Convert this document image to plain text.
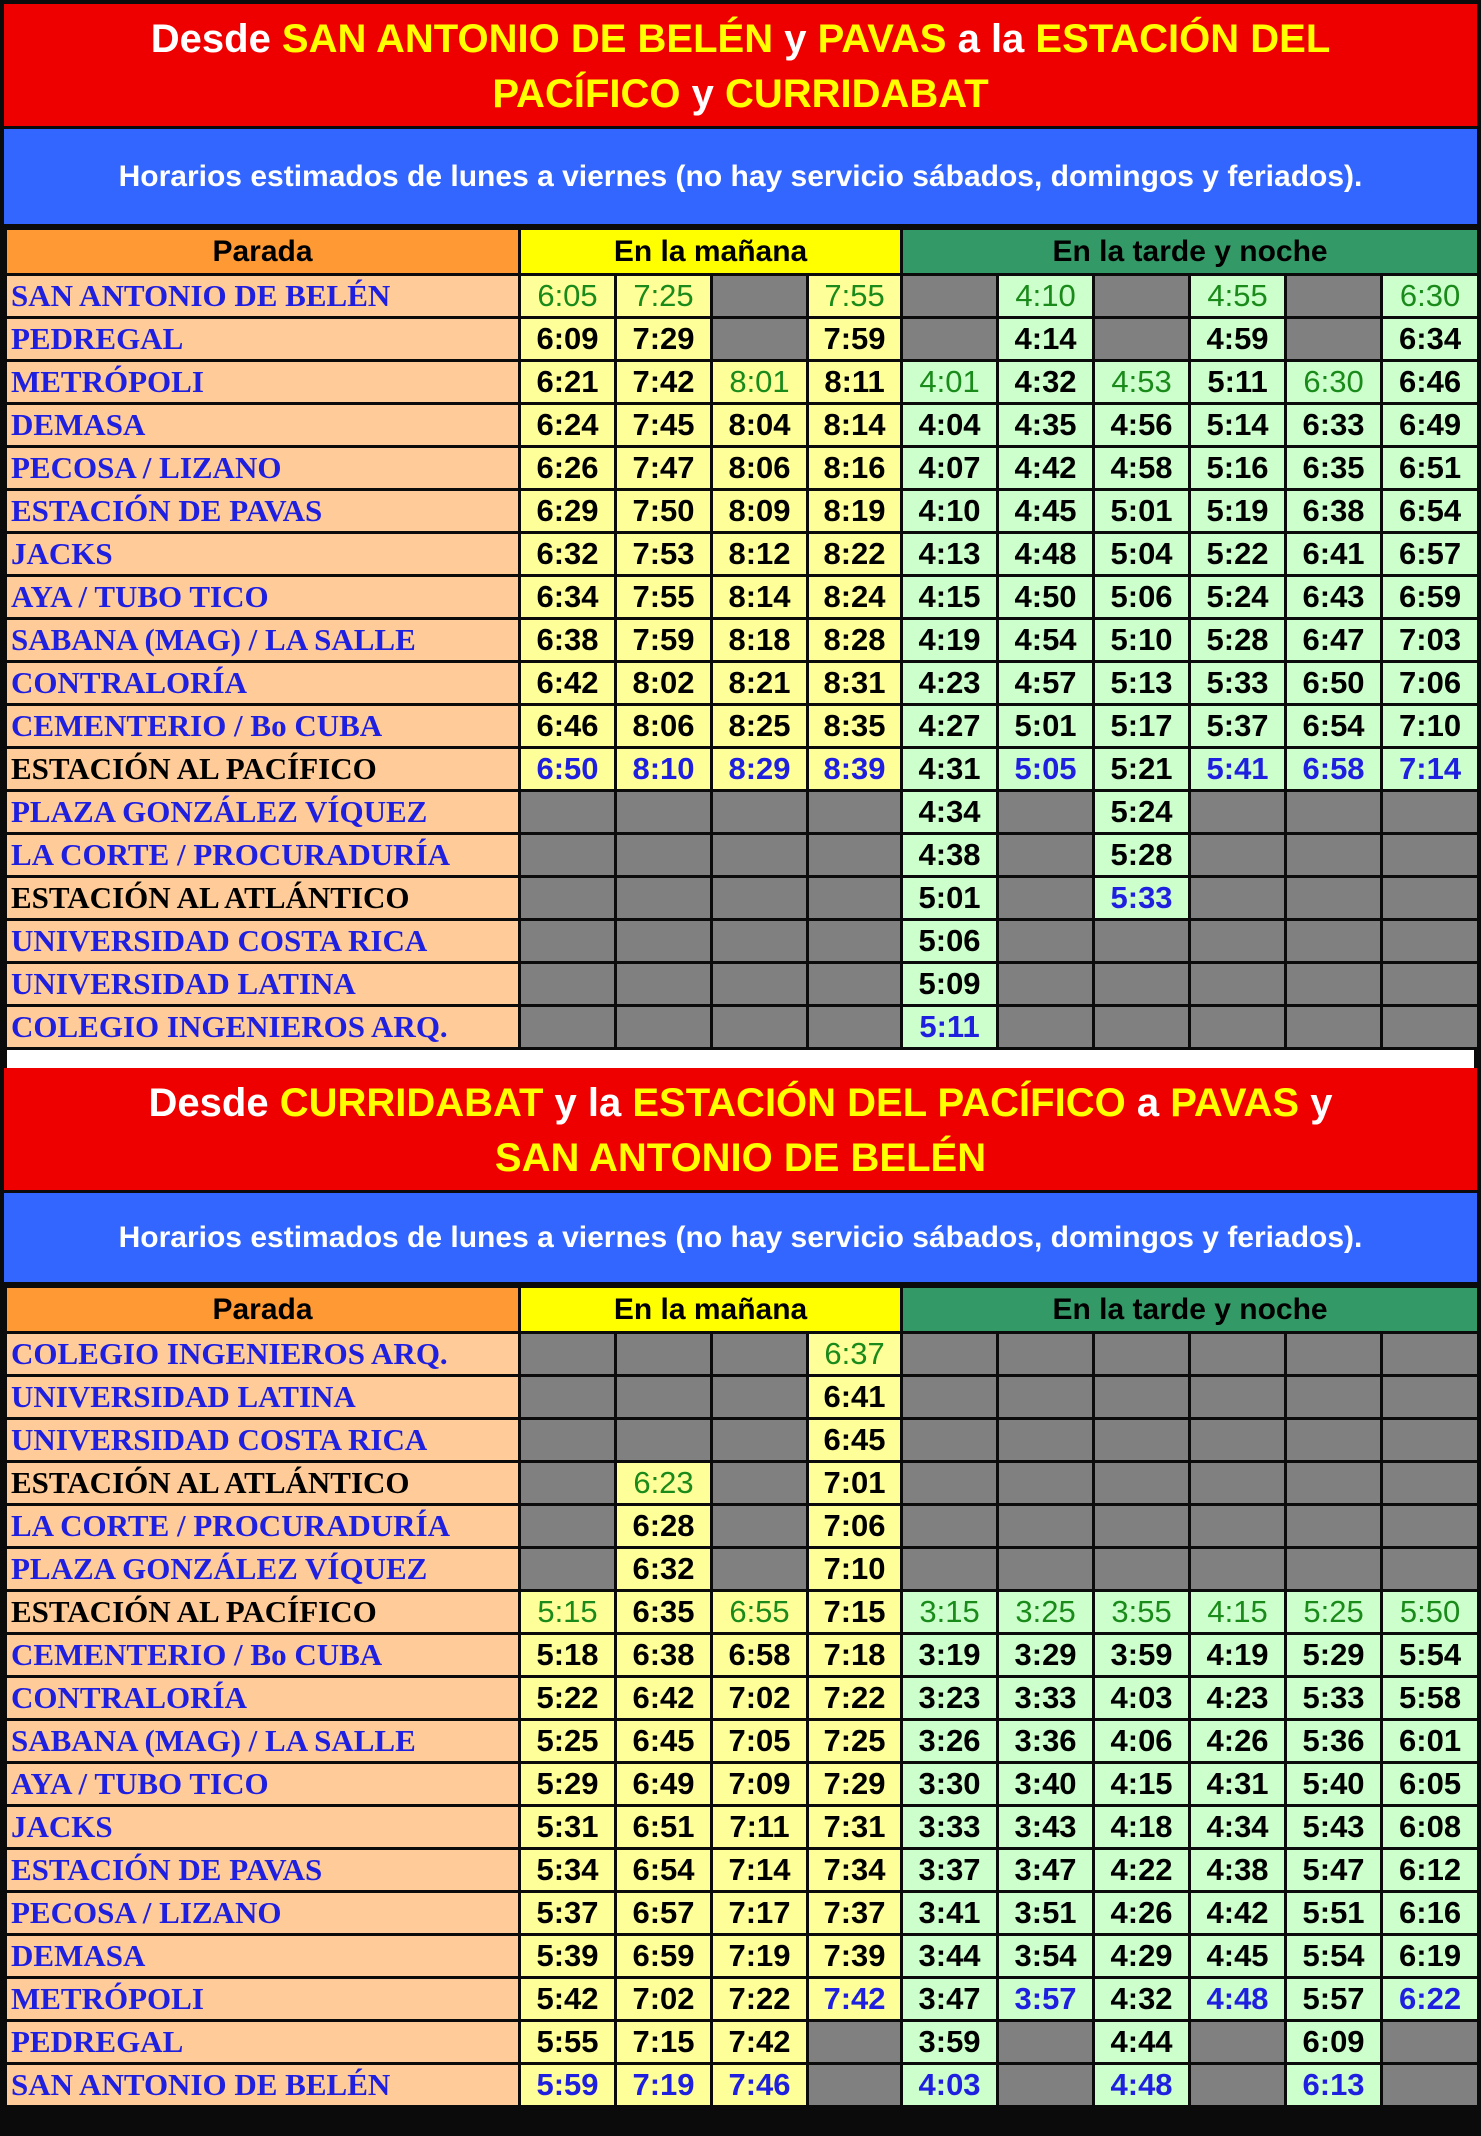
Desde SAN ANTONIO DE BELÉN y PAVAS a la ESTACIÓN DEL
PACÍFICO y CURRIDABAT
Horarios estimados de lunes a viernes (no hay servicio sábados, domingos y feriados).
Parada	En la mañana				En la tarde y noche					
SAN ANTONIO DE BELÉN	6:05	7:25		7:55		4:10		4:55		6:30
PEDREGAL	6:09	7:29		7:59		4:14		4:59		6:34
METRÓPOLI	6:21	7:42	8:01	8:11	4:01	4:32	4:53	5:11	6:30	6:46
DEMASA	6:24	7:45	8:04	8:14	4:04	4:35	4:56	5:14	6:33	6:49
PECOSA / LIZANO	6:26	7:47	8:06	8:16	4:07	4:42	4:58	5:16	6:35	6:51
ESTACIÓN DE PAVAS	6:29	7:50	8:09	8:19	4:10	4:45	5:01	5:19	6:38	6:54
JACKS	6:32	7:53	8:12	8:22	4:13	4:48	5:04	5:22	6:41	6:57
AYA / TUBO TICO	6:34	7:55	8:14	8:24	4:15	4:50	5:06	5:24	6:43	6:59
SABANA (MAG) / LA SALLE	6:38	7:59	8:18	8:28	4:19	4:54	5:10	5:28	6:47	7:03
CONTRALORÍA	6:42	8:02	8:21	8:31	4:23	4:57	5:13	5:33	6:50	7:06
CEMENTERIO / Bo CUBA	6:46	8:06	8:25	8:35	4:27	5:01	5:17	5:37	6:54	7:10
ESTACIÓN AL PACÍFICO	6:50	8:10	8:29	8:39	4:31	5:05	5:21	5:41	6:58	7:14
PLAZA GONZÁLEZ VÍQUEZ					4:34		5:24			
LA CORTE / PROCURADURÍA					4:38		5:28			
ESTACIÓN AL ATLÁNTICO					5:01		5:33			
UNIVERSIDAD COSTA RICA					5:06					
UNIVERSIDAD LATINA					5:09					
COLEGIO INGENIEROS ARQ.					5:11					
Desde CURRIDABAT y la ESTACIÓN DEL PACÍFICO a PAVAS y
SAN ANTONIO DE BELÉN
Horarios estimados de lunes a viernes (no hay servicio sábados, domingos y feriados).
Parada	En la mañana				En la tarde y noche					
COLEGIO INGENIEROS ARQ.				6:37						
UNIVERSIDAD LATINA				6:41						
UNIVERSIDAD COSTA RICA				6:45						
ESTACIÓN AL ATLÁNTICO		6:23		7:01						
LA CORTE / PROCURADURÍA		6:28		7:06						
PLAZA GONZÁLEZ VÍQUEZ		6:32		7:10						
ESTACIÓN AL PACÍFICO	5:15	6:35	6:55	7:15	3:15	3:25	3:55	4:15	5:25	5:50
CEMENTERIO / Bo CUBA	5:18	6:38	6:58	7:18	3:19	3:29	3:59	4:19	5:29	5:54
CONTRALORÍA	5:22	6:42	7:02	7:22	3:23	3:33	4:03	4:23	5:33	5:58
SABANA (MAG) / LA SALLE	5:25	6:45	7:05	7:25	3:26	3:36	4:06	4:26	5:36	6:01
AYA / TUBO TICO	5:29	6:49	7:09	7:29	3:30	3:40	4:15	4:31	5:40	6:05
JACKS	5:31	6:51	7:11	7:31	3:33	3:43	4:18	4:34	5:43	6:08
ESTACIÓN DE PAVAS	5:34	6:54	7:14	7:34	3:37	3:47	4:22	4:38	5:47	6:12
PECOSA / LIZANO	5:37	6:57	7:17	7:37	3:41	3:51	4:26	4:42	5:51	6:16
DEMASA	5:39	6:59	7:19	7:39	3:44	3:54	4:29	4:45	5:54	6:19
METRÓPOLI	5:42	7:02	7:22	7:42	3:47	3:57	4:32	4:48	5:57	6:22
PEDREGAL	5:55	7:15	7:42		3:59		4:44		6:09	
SAN ANTONIO DE BELÉN	5:59	7:19	7:46		4:03		4:48		6:13	
